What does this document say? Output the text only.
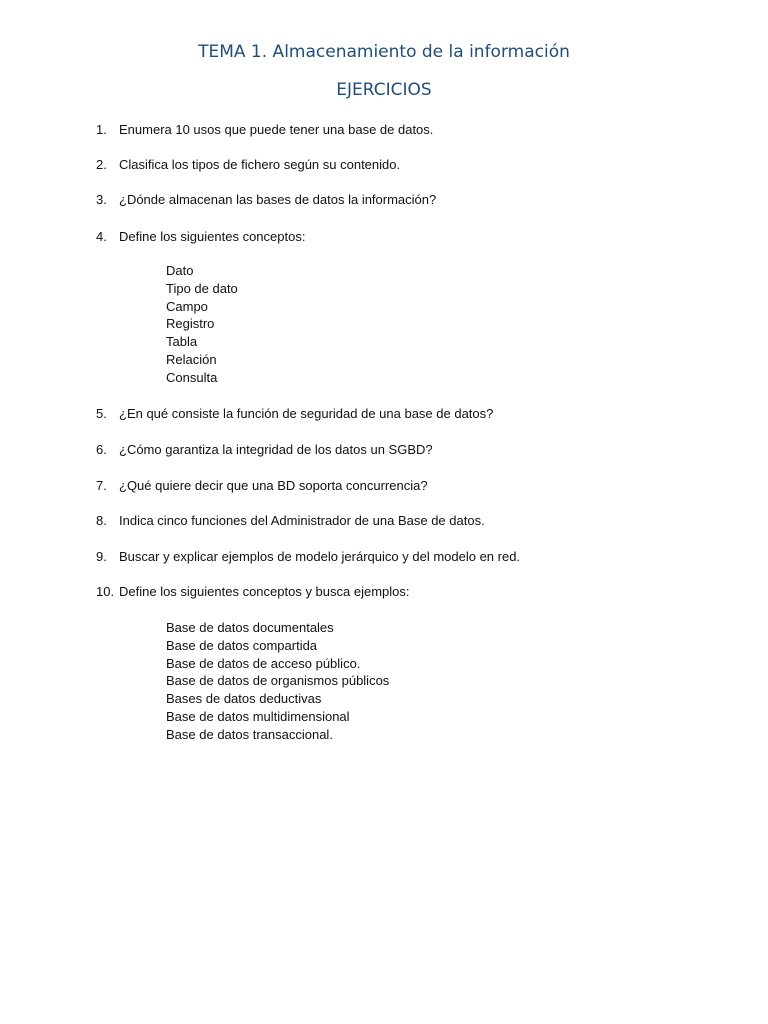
TEMA 1. Almacenamiento de la información
EJERCICIOS
1. Enumera 10 usos que puede tener una base de datos.
2. Clasifica los tipos de fichero según su contenido.
3. ¿Dónde almacenan las bases de datos la información?
4. Define los siguientes conceptos:
Dato
Tipo de dato
Campo
Registro
Tabla
Relación
Consulta
5. ¿En qué consiste la función de seguridad de una base de datos?
6. ¿Cómo garantiza la integridad de los datos un SGBD?
7. ¿Qué quiere decir que una BD soporta concurrencia?
8. Indica cinco funciones del Administrador de una Base de datos.
9. Buscar y explicar ejemplos de modelo jerárquico y del modelo en red.
10. Define los siguientes conceptos y busca ejemplos:
Base de datos documentales
Base de datos compartida
Base de datos de acceso público.
Base de datos de organismos públicos
Bases de datos deductivas
Base de datos multidimensional
Base de datos transaccional.
